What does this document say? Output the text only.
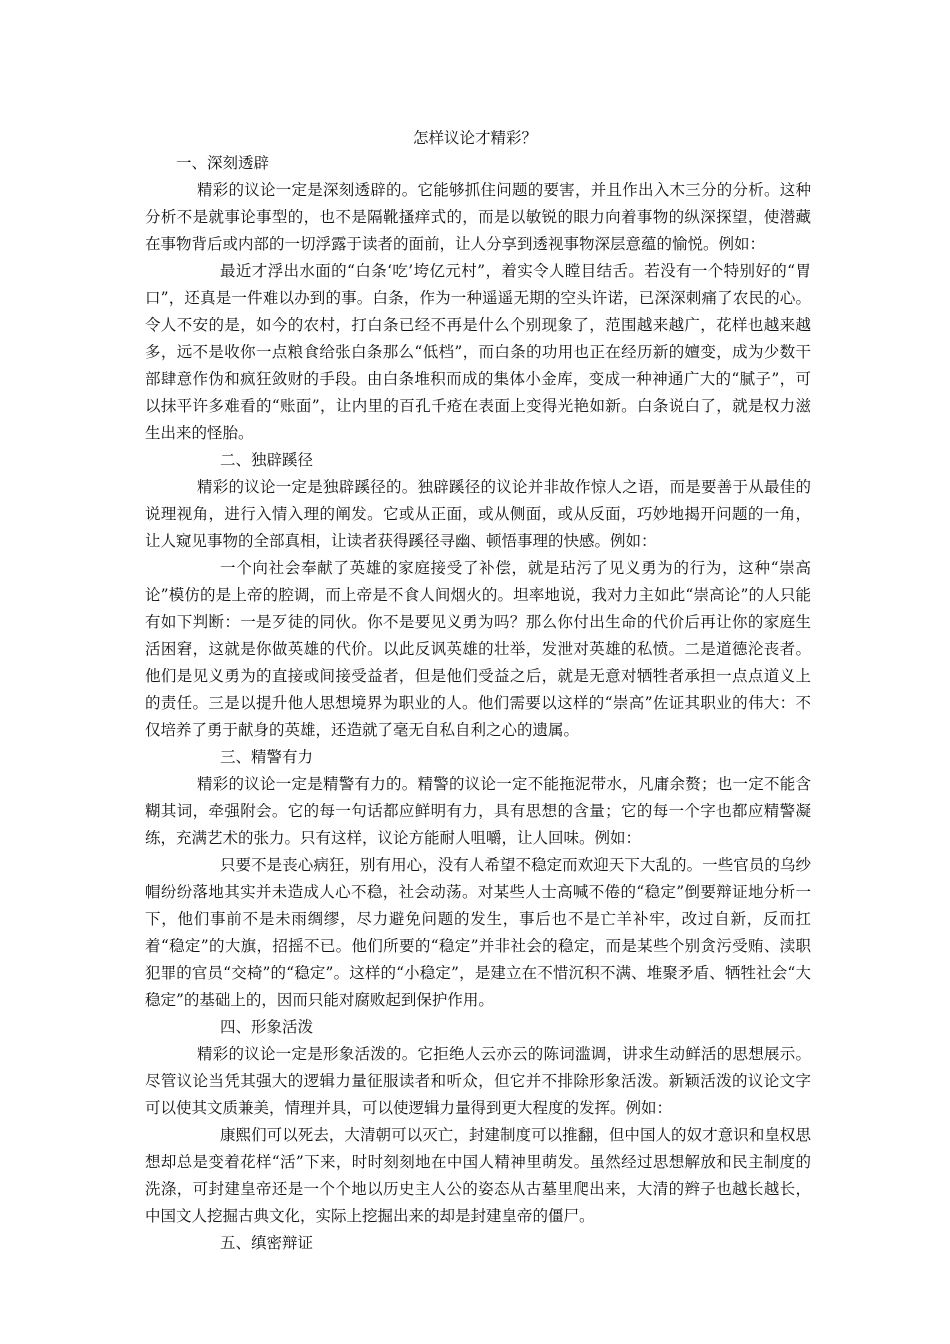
怎样议论才精彩？

一、深刻透辟

精彩的议论一定是深刻透辟的。它能够抓住问题的要害，并且作出入木三分的分析。这种分析不是就事论事型的，也不是隔靴搔痒式的，而是以敏锐的眼力向着事物的纵深探望，使潜藏在事物背后或内部的一切浮露于读者的面前，让人分享到透视事物深层意蕴的愉悦。例如：

最近才浮出水面的“白条‘吃’垮亿元村”，着实令人瞠目结舌。若没有一个特别好的“胃口”，还真是一件难以办到的事。白条，作为一种遥遥无期的空头许诺，已深深刺痛了农民的心。令人不安的是，如今的农村，打白条已经不再是什么个别现象了，范围越来越广，花样也越来越多，远不是收你一点粮食给张白条那么“低档”，而白条的功用也正在经历新的嬗变，成为少数干部肆意作伪和疯狂敛财的手段。由白条堆积而成的集体小金库，变成一种神通广大的“腻子”，可以抹平许多难看的“账面”，让内里的百孔千疮在表面上变得光艳如新。白条说白了，就是权力滋生出来的怪胎。

二、独辟蹊径

精彩的议论一定是独辟蹊径的。独辟蹊径的议论并非故作惊人之语，而是要善于从最佳的说理视角，进行入情入理的阐发。它或从正面，或从侧面，或从反面，巧妙地揭开问题的一角，让人窥见事物的全部真相，让读者获得蹊径寻幽、顿悟事理的快感。例如：

一个向社会奉献了英雄的家庭接受了补偿，就是玷污了见义勇为的行为，这种“崇高论”模仿的是上帝的腔调，而上帝是不食人间烟火的。坦率地说，我对力主如此“崇高论”的人只能有如下判断：一是歹徒的同伙。你不是要见义勇为吗？那么你付出生命的代价后再让你的家庭生活困窘，这就是你做英雄的代价。以此反讽英雄的壮举，发泄对英雄的私愤。二是道德沦丧者。他们是见义勇为的直接或间接受益者，但是他们受益之后，就是无意对牺牲者承担一点点道义上的责任。三是以提升他人思想境界为职业的人。他们需要以这样的“崇高”佐证其职业的伟大：不仅培养了勇于献身的英雄，还造就了毫无自私自利之心的遗属。

三、精警有力

精彩的议论一定是精警有力的。精警的议论一定不能拖泥带水，凡庸余赘；也一定不能含糊其词，牵强附会。它的每一句话都应鲜明有力，具有思想的含量；它的每一个字也都应精警凝练，充满艺术的张力。只有这样，议论方能耐人咀嚼，让人回味。例如：

只要不是丧心病狂，别有用心，没有人希望不稳定而欢迎天下大乱的。一些官员的乌纱帽纷纷落地其实并未造成人心不稳，社会动荡。对某些人士高喊不倦的“稳定”倒要辩证地分析一下，他们事前不是未雨绸缪，尽力避免问题的发生，事后也不是亡羊补牢，改过自新，反而扛着“稳定”的大旗，招摇不已。他们所要的“稳定”并非社会的稳定，而是某些个别贪污受贿、渎职犯罪的官员“交椅”的“稳定”。这样的“小稳定”，是建立在不惜沉积不满、堆聚矛盾、牺牲社会“大稳定”的基础上的，因而只能对腐败起到保护作用。

四、形象活泼

精彩的议论一定是形象活泼的。它拒绝人云亦云的陈词滥调，讲求生动鲜活的思想展示。尽管议论当凭其强大的逻辑力量征服读者和听众，但它并不排除形象活泼。新颖活泼的议论文字可以使其文质兼美，情理并具，可以使逻辑力量得到更大程度的发挥。例如：

康熙们可以死去，大清朝可以灭亡，封建制度可以推翻，但中国人的奴才意识和皇权思想却总是变着花样“活”下来，时时刻刻地在中国人精神里萌发。虽然经过思想解放和民主制度的洗涤，可封建皇帝还是一个个地以历史主人公的姿态从古墓里爬出来，大清的辫子也越长越长，中国文人挖掘古典文化，实际上挖掘出来的却是封建皇帝的僵尸。

五、缜密辩证
